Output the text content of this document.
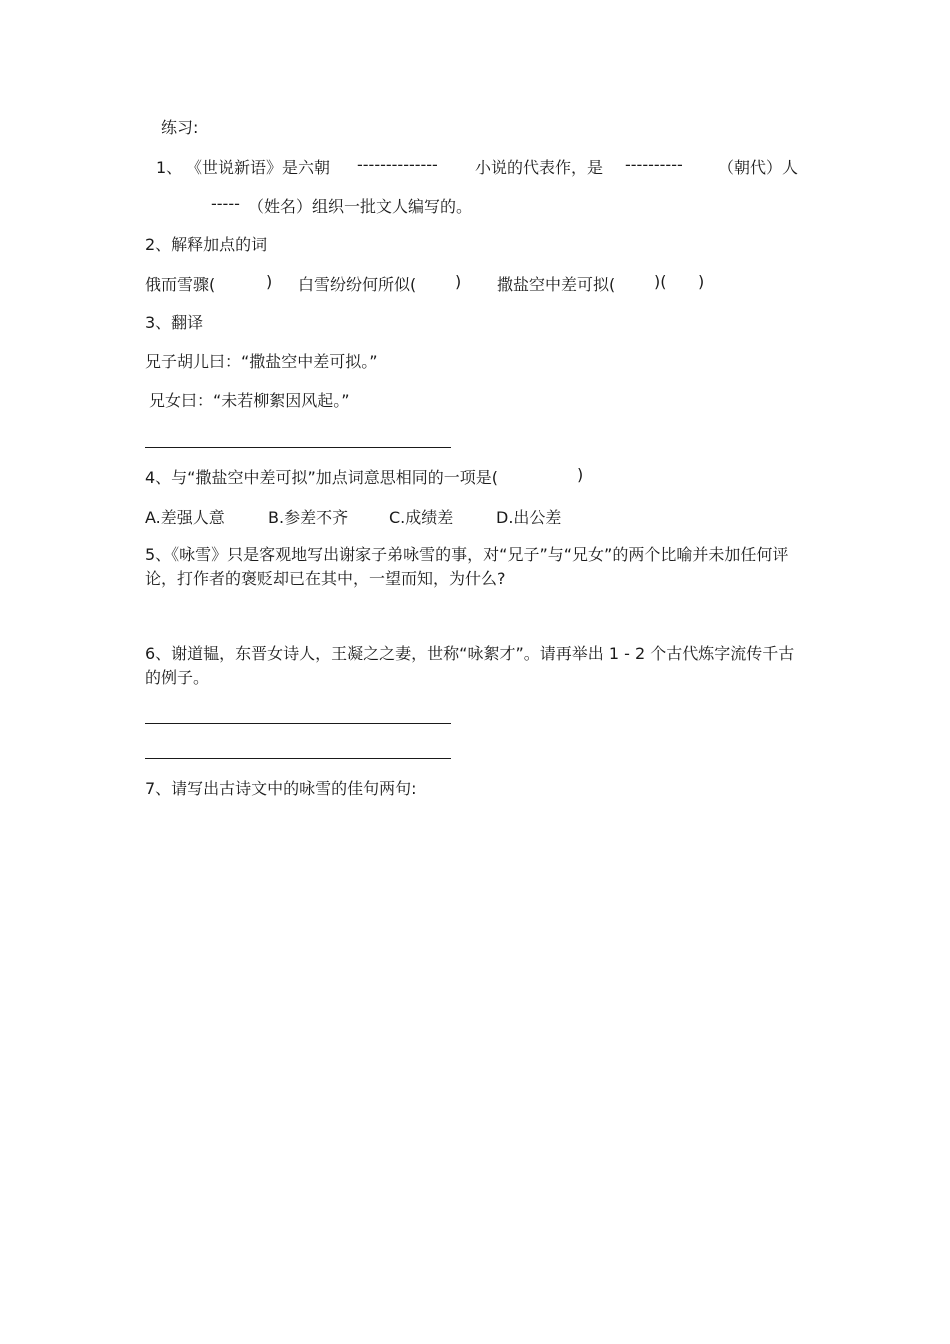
练习:
1、 《世说新语》是六朝 -------------- 小说的代表作，是 ---------- （朝代）人
----- （姓名）组织一批文人编写的。
2、解释加点的词
俄而雪骤(	) 白雪纷纷何所似( ) 撒盐空中差可拟( )( )
3、翻译
兄子胡儿曰：“撒盐空中差可拟。”
兄女曰：“未若柳絮因风起。”
4、与“撒盐空中差可拟”加点词意思相同的一项是(	)
A.差强人意	B.参差不齐	C.成绩差	D.出公差
5、《咏雪》只是客观地写出谢家子弟咏雪的事，对“兄子”与“兄女”的两个比喻并未加任何评论，打作者的褒贬却已在其中，一望而知，为什么?
6、谢道韫，东晋女诗人，王凝之之妻，世称“咏絮才”。请再举出 1 - 2 个古代炼字流传千古的例子。
7、请写出古诗文中的咏雪的佳句两句:
